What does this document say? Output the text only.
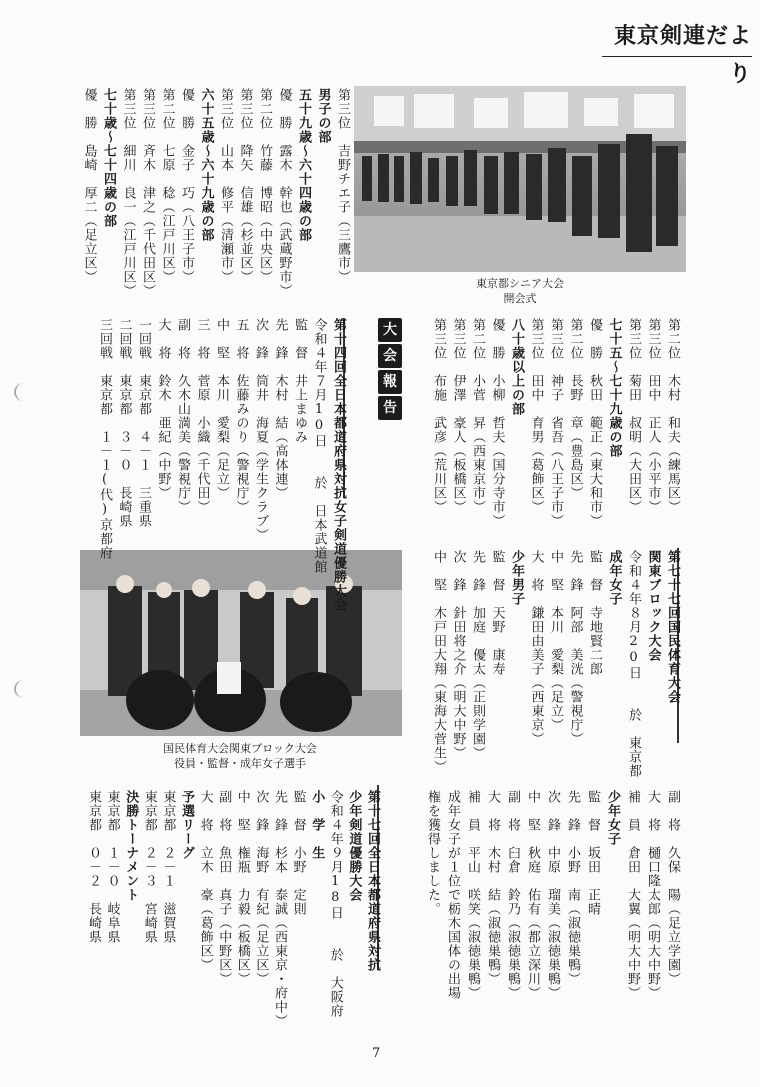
東京剣連だより
東京都シニア大会
開会式
国民体育大会関東ブロック大会
役員・監督・成年女子選手
大
会
報
告
第三位　吉野チエ子（三鷹市）
男子の部
五十九歳～六十四歳の部
優　勝　露木　幹也（武蔵野市）
第二位　竹藤　博昭（中央区）
第三位　降矢　信雄（杉並区）
第三位　山本　修平（清瀬市）
六十五歳～六十九歳の部
優　勝　金子　巧（八王子市）
第二位　七原　稔（江戸川区）
第三位　斉木　津之（千代田区）
第三位　細川　良一（江戸川区）
七十歳～七十四歳の部
優　勝　島崎　厚二（足立区）
第二位　木村　和夫（練馬区）
第三位　田中　正人（小平市）
第三位　菊田　叔明（大田区）
七十五～七十九歳の部
優　勝　秋田　範正（東大和市）
第二位　長野　章（豊島区）
第三位　神子　省吾（八王子市）
第三位　田中　育男（葛飾区）
八十歳以上の部
優　勝　小柳　哲夫（国分寺市）
第二位　小菅　昇（西東京市）
第三位　伊澤　豪人（板橋区）
第三位　布施　武彦（荒川区）
第十四回全日本都道府県対抗女子剣道優勝大会
令和４年７月10日　　於　日本武道館
監　督　井上まゆみ
先　鋒　木村　結（高体連）
次　鋒　筒井　海夏（学生クラブ）
五　将　佐藤みのり（警視庁）
中　堅　本川　愛梨（足立）
三　将　菅原　小織（千代田）
副　将　久木山満美（警視庁）
大　将　鈴木　亜紀（中野）
一回戦　東京都　４－１　三重県
二回戦　東京都　３－０　長崎県
三回戦　東京都　１－１(代)京都府
第七十七回国民体育大会
関東ブロック大会
令和４年８月20日　　於　東京都
成年女子
監　督　寺地賢二郎
先　鋒　阿部　美洸（警視庁）
中　堅　本川　愛梨（足立）
大　将　鎌田由美子（西東京）
少年男子
監　督　天野　康寿
先　鋒　加庭　優太（正則学園）
次　鋒　針田将之介（明大中野）
中　堅　木戸田大翔（東海大菅生）
副　将　久保　陽（足立学園）
大　将　樋口隆太郎（明大中野）
補　員　倉田　大翼（明大中野）
少年女子
監　督　坂田　正晴
先　鋒　小野　南（淑徳巣鴨）
次　鋒　中原　瑠美（淑徳巣鴨）
中　堅　秋庭　佑有（都立深川）
副　将　臼倉　鈴乃（淑徳巣鴨）
大　将　木村　結（淑徳巣鴨）
補　員　平山　咲笑（淑徳巣鴨）
成年女子が１位で栃木国体の出場
権を獲得しました。
第十七回全日本都道府県対抗
少年剣道優勝大会
令和４年９月18日　　於　大阪府
小　学　生
監　督　小野　定則
先　鋒　杉本　泰誠（西東京・府中）
次　鋒　海野　有紀（足立区）
中　堅　権瓶　力毅（板橋区）
副　将　魚田　真子（中野区）
大　将　立木　豪（葛飾区）
予選リーグ
東京都　２－１　滋賀県
東京都　２－３　宮崎県
決勝トーナメント
東京都　１－０　岐阜県
東京都　０－２　長崎県
7
